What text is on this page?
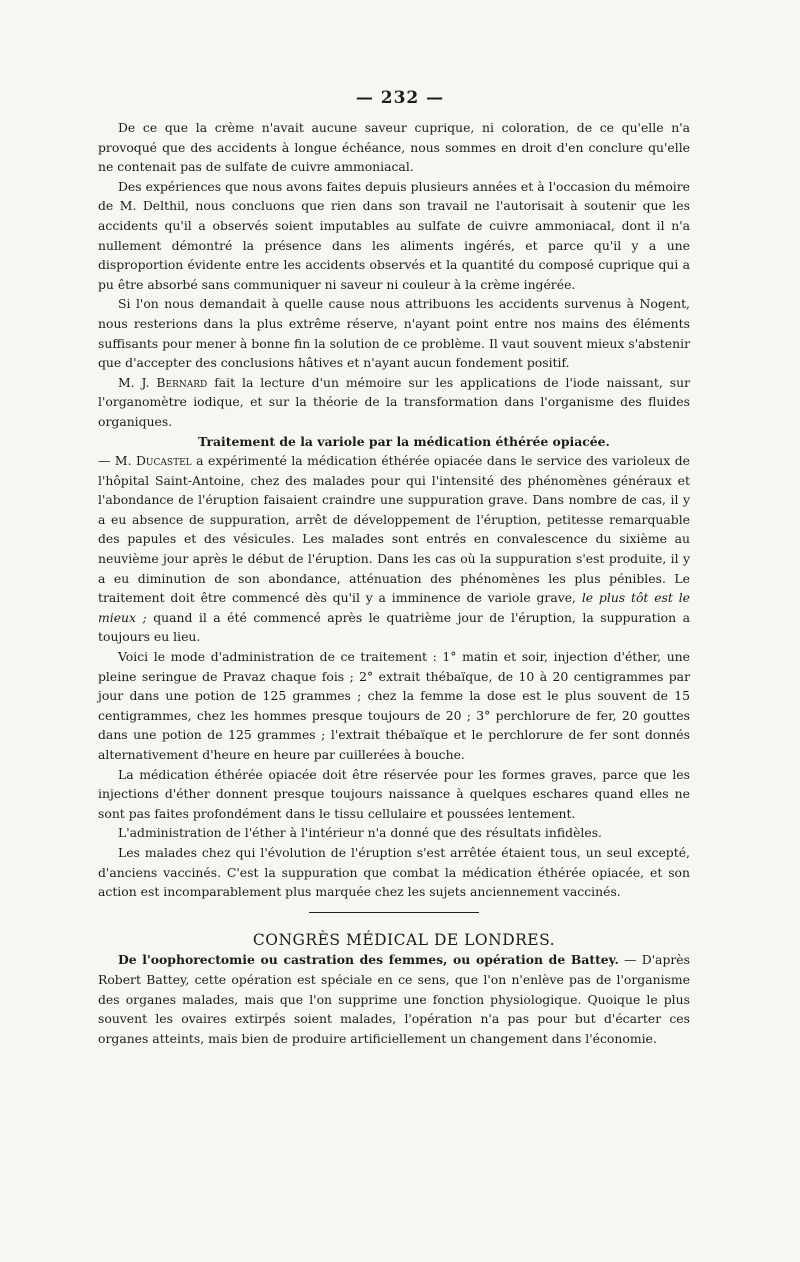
— 232 —

De ce que la crème n'avait aucune saveur cuprique, ni coloration, de ce qu'elle n'a provoqué que des accidents à longue échéance, nous sommes en droit d'en conclure qu'elle ne contenait pas de sulfate de cuivre ammoniacal.

Des expériences que nous avons faites depuis plusieurs années et à l'occasion du mémoire de M. Delthil, nous concluons que rien dans son travail ne l'autorisait à soutenir que les accidents qu'il a observés soient imputables au sulfate de cuivre ammoniacal, dont il n'a nullement démontré la présence dans les aliments ingérés, et parce qu'il y a une disproportion évidente entre les accidents observés et la quantité du composé cuprique qui a pu être absorbé sans communiquer ni saveur ni couleur à la crème ingérée.

Si l'on nous demandait à quelle cause nous attribuons les accidents survenus à Nogent, nous resterions dans la plus extrême réserve, n'ayant point entre nos mains des éléments suffisants pour mener à bonne fin la solution de ce problème. Il vaut souvent mieux s'abstenir que d'accepter des conclusions hâtives et n'ayant aucun fondement positif.

M. J. Bernard fait la lecture d'un mémoire sur les applications de l'iode naissant, sur l'organomètre iodique, et sur la théorie de la transformation dans l'organisme des fluides organiques.

Traitement de la variole par la médication éthérée opiacée.

— M. Ducastel a expérimenté la médication éthérée opiacée dans le service des varioleux de l'hôpital Saint-Antoine, chez des malades pour qui l'intensité des phénomènes généraux et l'abondance de l'éruption faisaient craindre une suppuration grave. Dans nombre de cas, il y a eu absence de suppuration, arrêt de développement de l'éruption, petitesse remarquable des papules et des vésicules. Les malades sont entrés en convalescence du sixième au neuvième jour après le début de l'éruption. Dans les cas où la suppuration s'est produite, il y a eu diminution de son abondance, atténuation des phénomènes les plus pénibles. Le traitement doit être commencé dès qu'il y a imminence de variole grave, le plus tôt est le mieux ; quand il a été commencé après le quatrième jour de l'éruption, la suppuration a toujours eu lieu.

Voici le mode d'administration de ce traitement : 1° matin et soir, injection d'éther, une pleine seringue de Pravaz chaque fois ; 2° extrait thébaïque, de 10 à 20 centigrammes par jour dans une potion de 125 grammes ; chez la femme la dose est le plus souvent de 15 centigrammes, chez les hommes presque toujours de 20 ; 3° perchlorure de fer, 20 gouttes dans une potion de 125 grammes ; l'extrait thébaïque et le perchlorure de fer sont donnés alternativement d'heure en heure par cuillerées à bouche.

La médication éthérée opiacée doit être réservée pour les formes graves, parce que les injections d'éther donnent presque toujours naissance à quelques eschares quand elles ne sont pas faites profondément dans le tissu cellulaire et poussées lentement.

L'administration de l'éther à l'intérieur n'a donné que des résultats infidèles.

Les malades chez qui l'évolution de l'éruption s'est arrêtée étaient tous, un seul excepté, d'anciens vaccinés. C'est la suppuration que combat la médication éthérée opiacée, et son action est incomparablement plus marquée chez les sujets anciennement vaccinés.

CONGRÈS MÉDICAL DE LONDRES.

De l'oophorectomie ou castration des femmes, ou opération de Battey. — D'après Robert Battey, cette opération est spéciale en ce sens, que l'on n'enlève pas de l'organisme des organes malades, mais que l'on supprime une fonction physiologique. Quoique le plus souvent les ovaires extirpés soient malades, l'opération n'a pas pour but d'écarter ces organes atteints, mais bien de produire artificiellement un changement dans l'économie.
